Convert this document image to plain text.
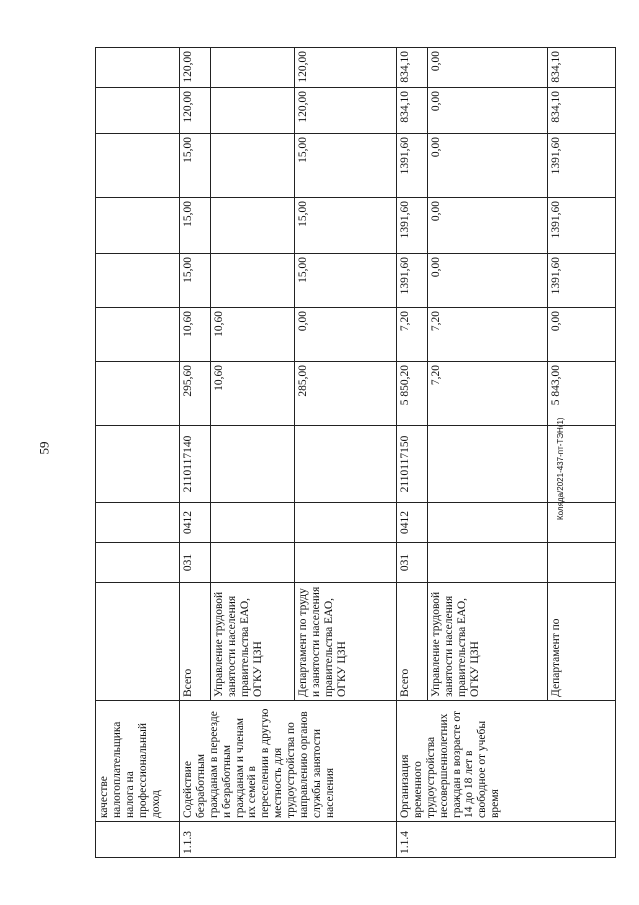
59	Коляда/2021-437-пт-ТЭН(1)
	качестве налогоплательщика налога на профессиональный доход											
1.1.3	Содействие безработным гражданам в переезде и безработным гражданам и членам их семей в переселении в другую местность для трудоустройства по направлению органов службы занятости населения	Всего	031	0412	2110117140	295,60	10,60	15,00	15,00	15,00	120,00	120,00
		Управление трудовой занятости населения правительства ЕАО, ОГКУ ЦЗН				10,60	10,60					
		Департамент по труду и занятости населения правительства ЕАО, ОГКУ ЦЗН				285,00	0,00	15,00	15,00	15,00	120,00	120,00
1.1.4	Организация временного трудоустройства несовершеннолетних граждан в возрасте от 14 до 18 лет в свободное от учебы время	Всего	031	0412	2110117150	5 850,20	7,20	1391,60	1391,60	1391,60	834,10	834,10
		Управление трудовой занятости населения правительства ЕАО, ОГКУ ЦЗН				7,20	7,20	0,00	0,00	0,00	0,00	0,00
		Департамент по				5 843,00	0,00	1391,60	1391,60	1391,60	834,10	834,10
